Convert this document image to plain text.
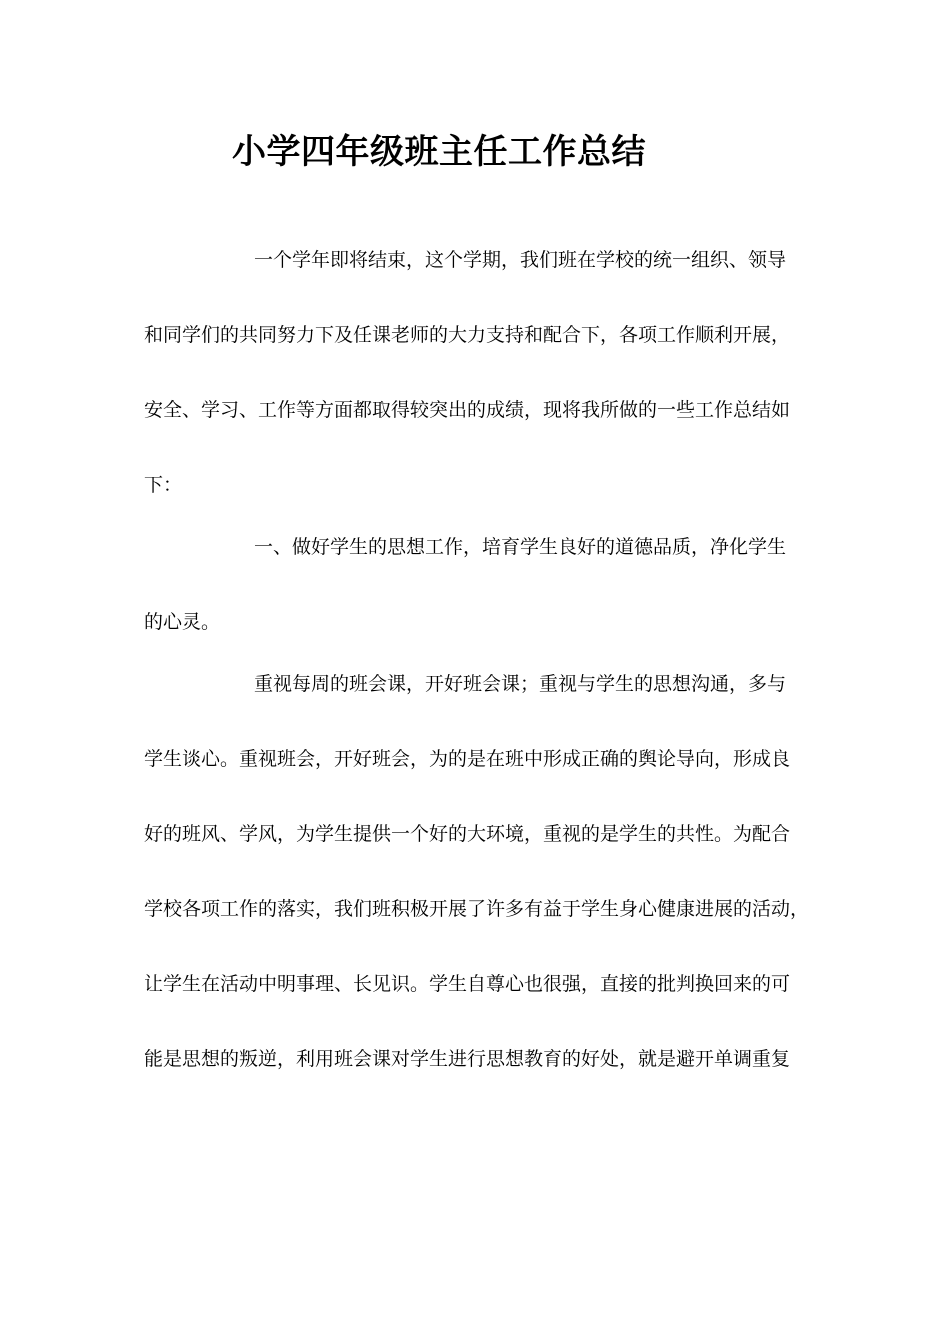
小学四年级班主任工作总结
一个学年即将结束，这个学期，我们班在学校的统一组织、领导
和同学们的共同努力下及任课老师的大力支持和配合下，各项工作顺利开展，
安全、学习、工作等方面都取得较突出的成绩，现将我所做的一些工作总结如
下：
一、做好学生的思想工作，培育学生良好的道德品质，净化学生
的心灵。
重视每周的班会课，开好班会课；重视与学生的思想沟通，多与
学生谈心。重视班会，开好班会，为的是在班中形成正确的舆论导向，形成良
好的班风、学风，为学生提供一个好的大环境，重视的是学生的共性。为配合
学校各项工作的落实，我们班积极开展了许多有益于学生身心健康进展的活动，
让学生在活动中明事理、长见识。学生自尊心也很强，直接的批判换回来的可
能是思想的叛逆，利用班会课对学生进行思想教育的好处，就是避开单调重复
